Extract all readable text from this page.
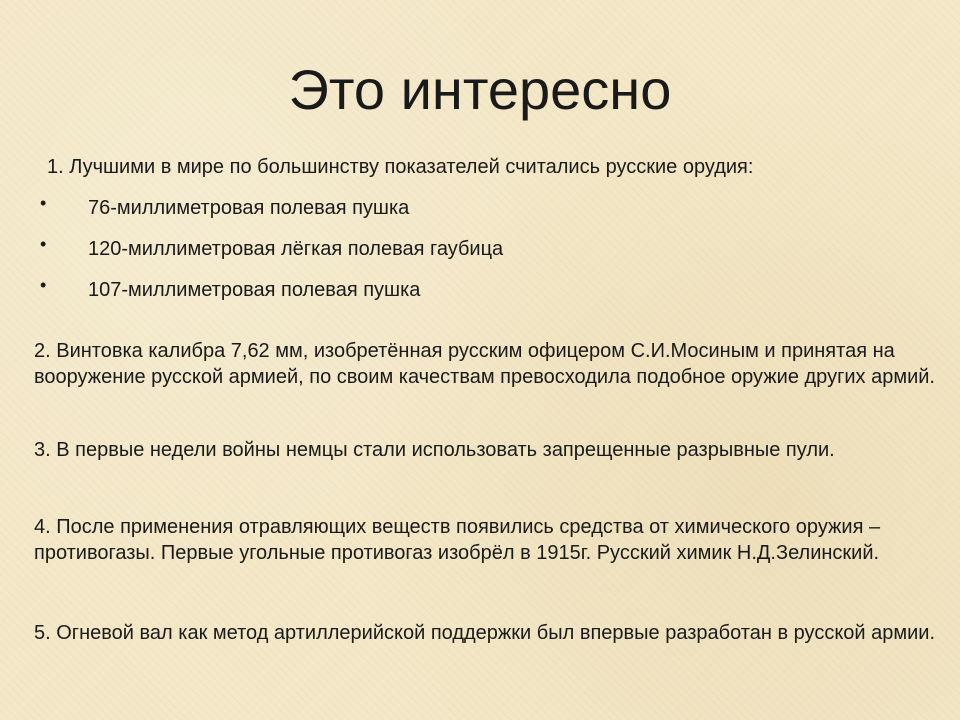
Это интересно
1. Лучшими в мире по большинству показателей считались русские орудия:
• 76-миллиметровая полевая пушка
• 120-миллиметровая лёгкая полевая гаубица
• 107-миллиметровая полевая пушка
2. Винтовка калибра 7,62 мм, изобретённая русским офицером С.И.Мосиным и принятая на вооружение русской армией, по своим качествам превосходила подобное оружие других армий.
3. В первые недели войны немцы стали использовать запрещенные разрывные пули.
4. После применения отравляющих веществ появились средства от химического оружия – противогазы. Первые угольные противогаз изобрёл в 1915г. Русский химик Н.Д.Зелинский.
5. Огневой вал как метод артиллерийской поддержки был впервые разработан в русской армии.
